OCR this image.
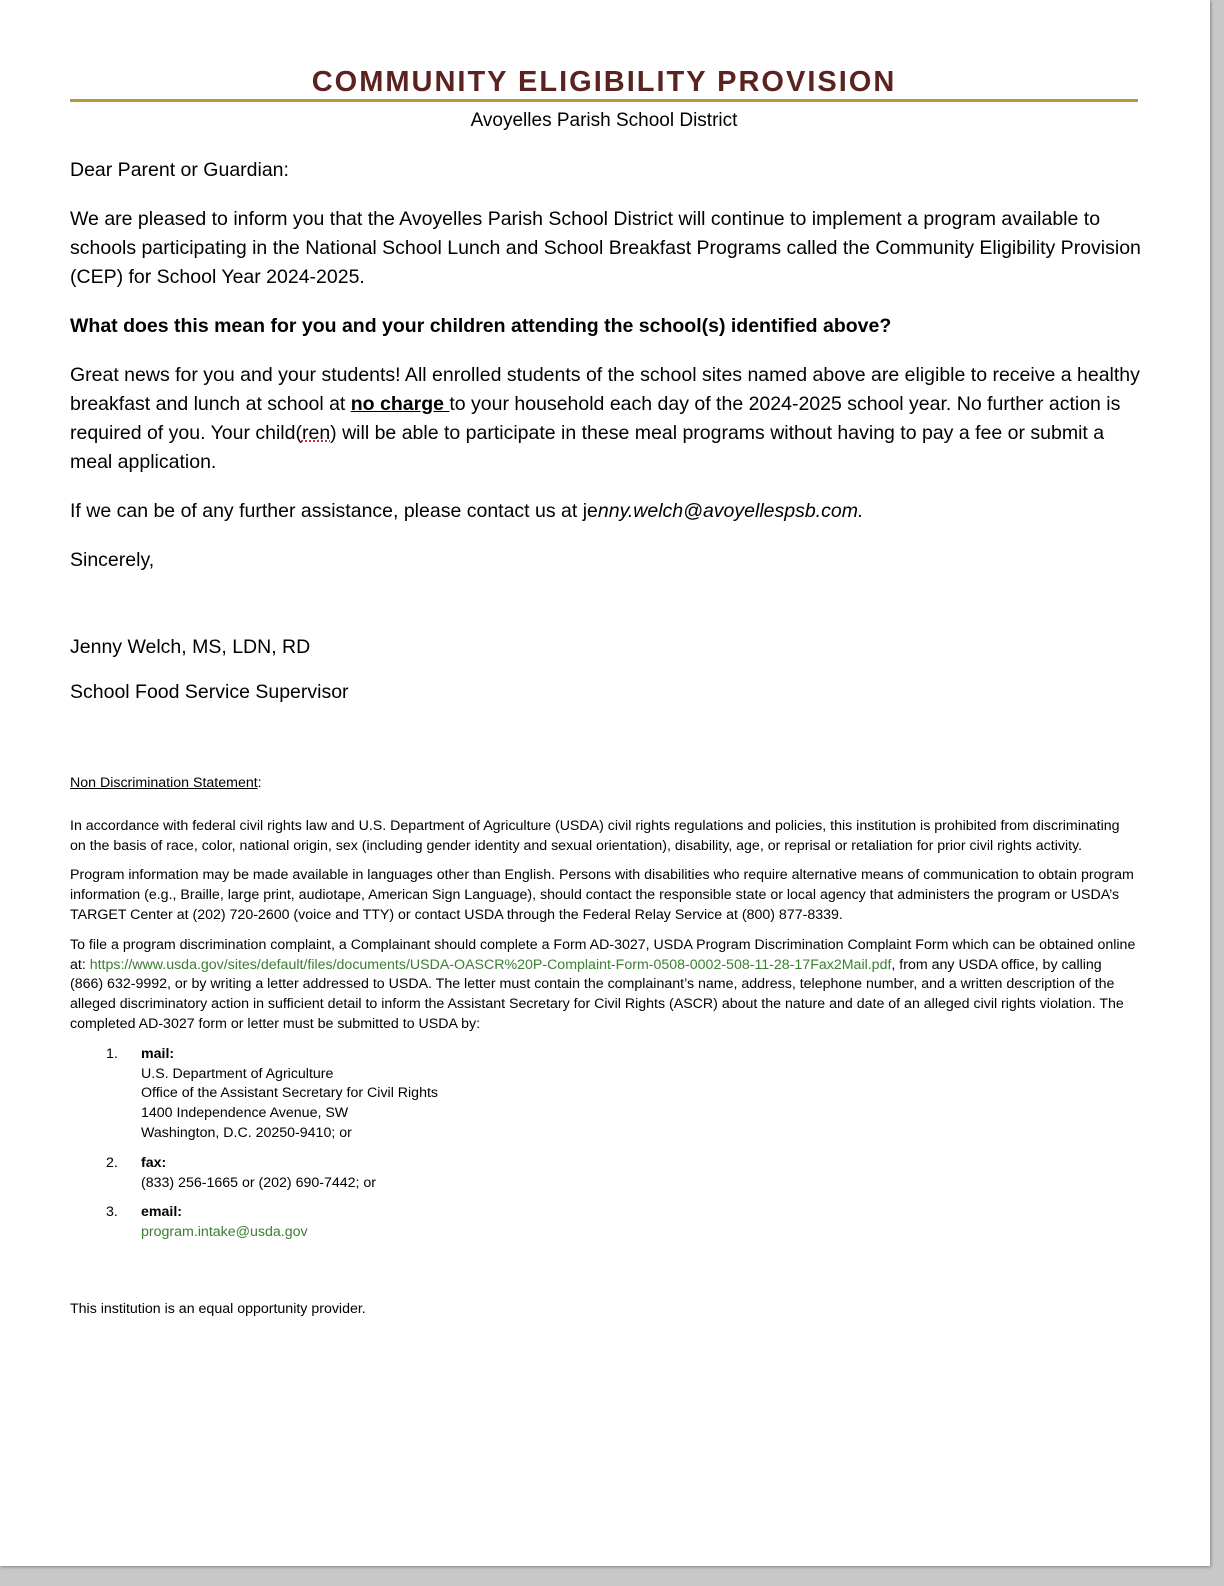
COMMUNITY ELIGIBILITY PROVISION
Avoyelles Parish School District

Dear Parent or Guardian:

We are pleased to inform you that the Avoyelles Parish School District will continue to implement a program available to schools participating in the National School Lunch and School Breakfast Programs called the Community Eligibility Provision (CEP) for School Year 2024-2025.

What does this mean for you and your children attending the school(s) identified above?

Great news for you and your students! All enrolled students of the school sites named above are eligible to receive a healthy breakfast and lunch at school at no charge to your household each day of the 2024-2025 school year. No further action is required of you. Your child(ren) will be able to participate in these meal programs without having to pay a fee or submit a meal application.

If we can be of any further assistance, please contact us at jenny.welch@avoyellespsb.com.

Sincerely,

Jenny Welch, MS, LDN, RD
School Food Service Supervisor
Non Discrimination Statement:

In accordance with federal civil rights law and U.S. Department of Agriculture (USDA) civil rights regulations and policies, this institution is prohibited from discriminating on the basis of race, color, national origin, sex (including gender identity and sexual orientation), disability, age, or reprisal or retaliation for prior civil rights activity.

Program information may be made available in languages other than English. Persons with disabilities who require alternative means of communication to obtain program information (e.g., Braille, large print, audiotape, American Sign Language), should contact the responsible state or local agency that administers the program or USDA’s TARGET Center at (202) 720-2600 (voice and TTY) or contact USDA through the Federal Relay Service at (800) 877-8339.

To file a program discrimination complaint, a Complainant should complete a Form AD-3027, USDA Program Discrimination Complaint Form which can be obtained online at: https://www.usda.gov/sites/default/files/documents/USDA-OASCR%20P-Complaint-Form-0508-0002-508-11-28-17Fax2Mail.pdf, from any USDA office, by calling (866) 632-9992, or by writing a letter addressed to USDA. The letter must contain the complainant’s name, address, telephone number, and a written description of the alleged discriminatory action in sufficient detail to inform the Assistant Secretary for Civil Rights (ASCR) about the nature and date of an alleged civil rights violation. The completed AD-3027 form or letter must be submitted to USDA by:

1. mail:
U.S. Department of Agriculture
Office of the Assistant Secretary for Civil Rights
1400 Independence Avenue, SW
Washington, D.C. 20250-9410; or
2. fax:
(833) 256-1665 or (202) 690-7442; or
3. email:
program.intake@usda.gov
This institution is an equal opportunity provider.
